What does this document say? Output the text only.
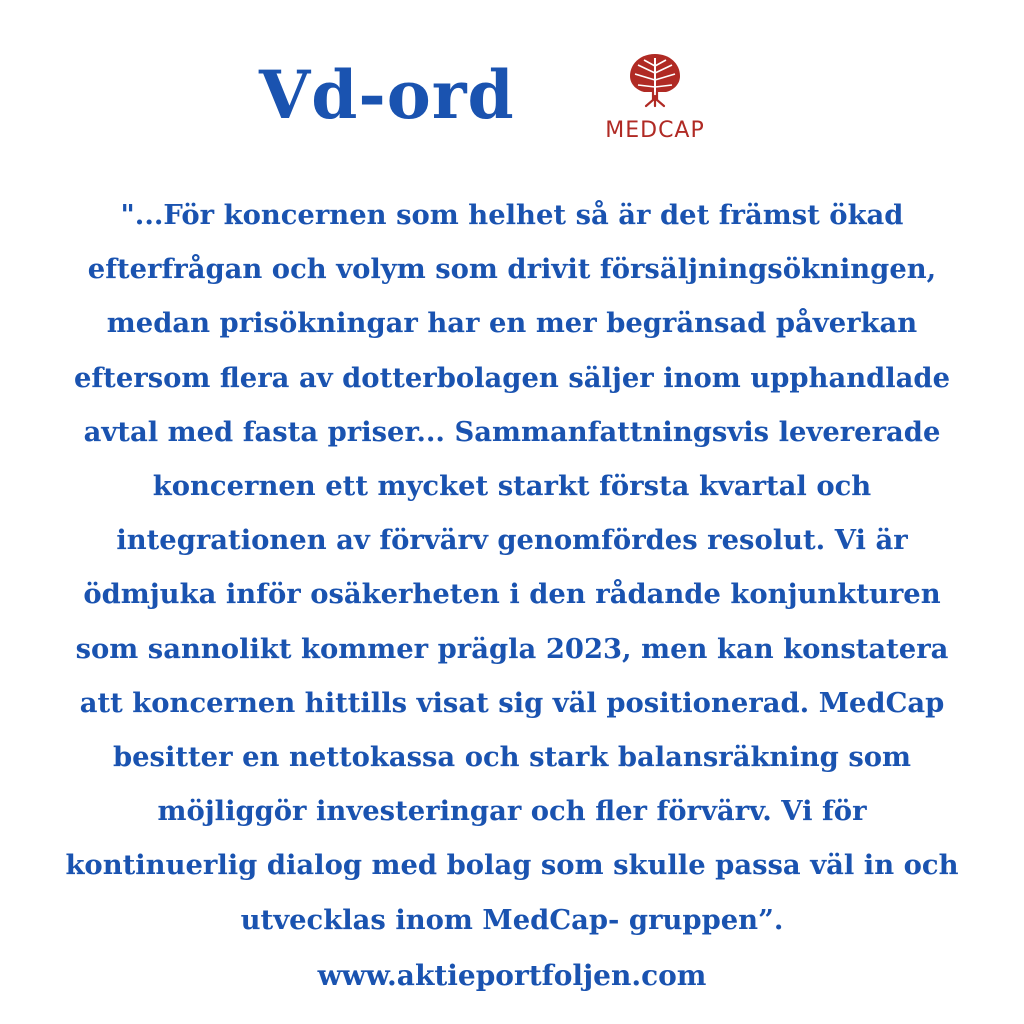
Vd-ord	MEDCAP
"...För koncernen som helhet så är det främst ökad
efterfrågan och volym som drivit försäljningsökningen,
medan prisökningar har en mer begränsad påverkan
eftersom flera av dotterbolagen säljer inom upphandlade
avtal med fasta priser... Sammanfattningsvis levererade
koncernen ett mycket starkt första kvartal och
integrationen av förvärv genomfördes resolut. Vi är
ödmjuka inför osäkerheten i den rådande konjunkturen
som sannolikt kommer prägla 2023, men kan konstatera
att koncernen hittills visat sig väl positionerad. MedCap
besitter en nettokassa och stark balansräkning som
möjliggör investeringar och fler förvärv. Vi för
kontinuerlig dialog med bolag som skulle passa väl in och
utvecklas inom MedCap- gruppen”.
www.aktieportfoljen.com
